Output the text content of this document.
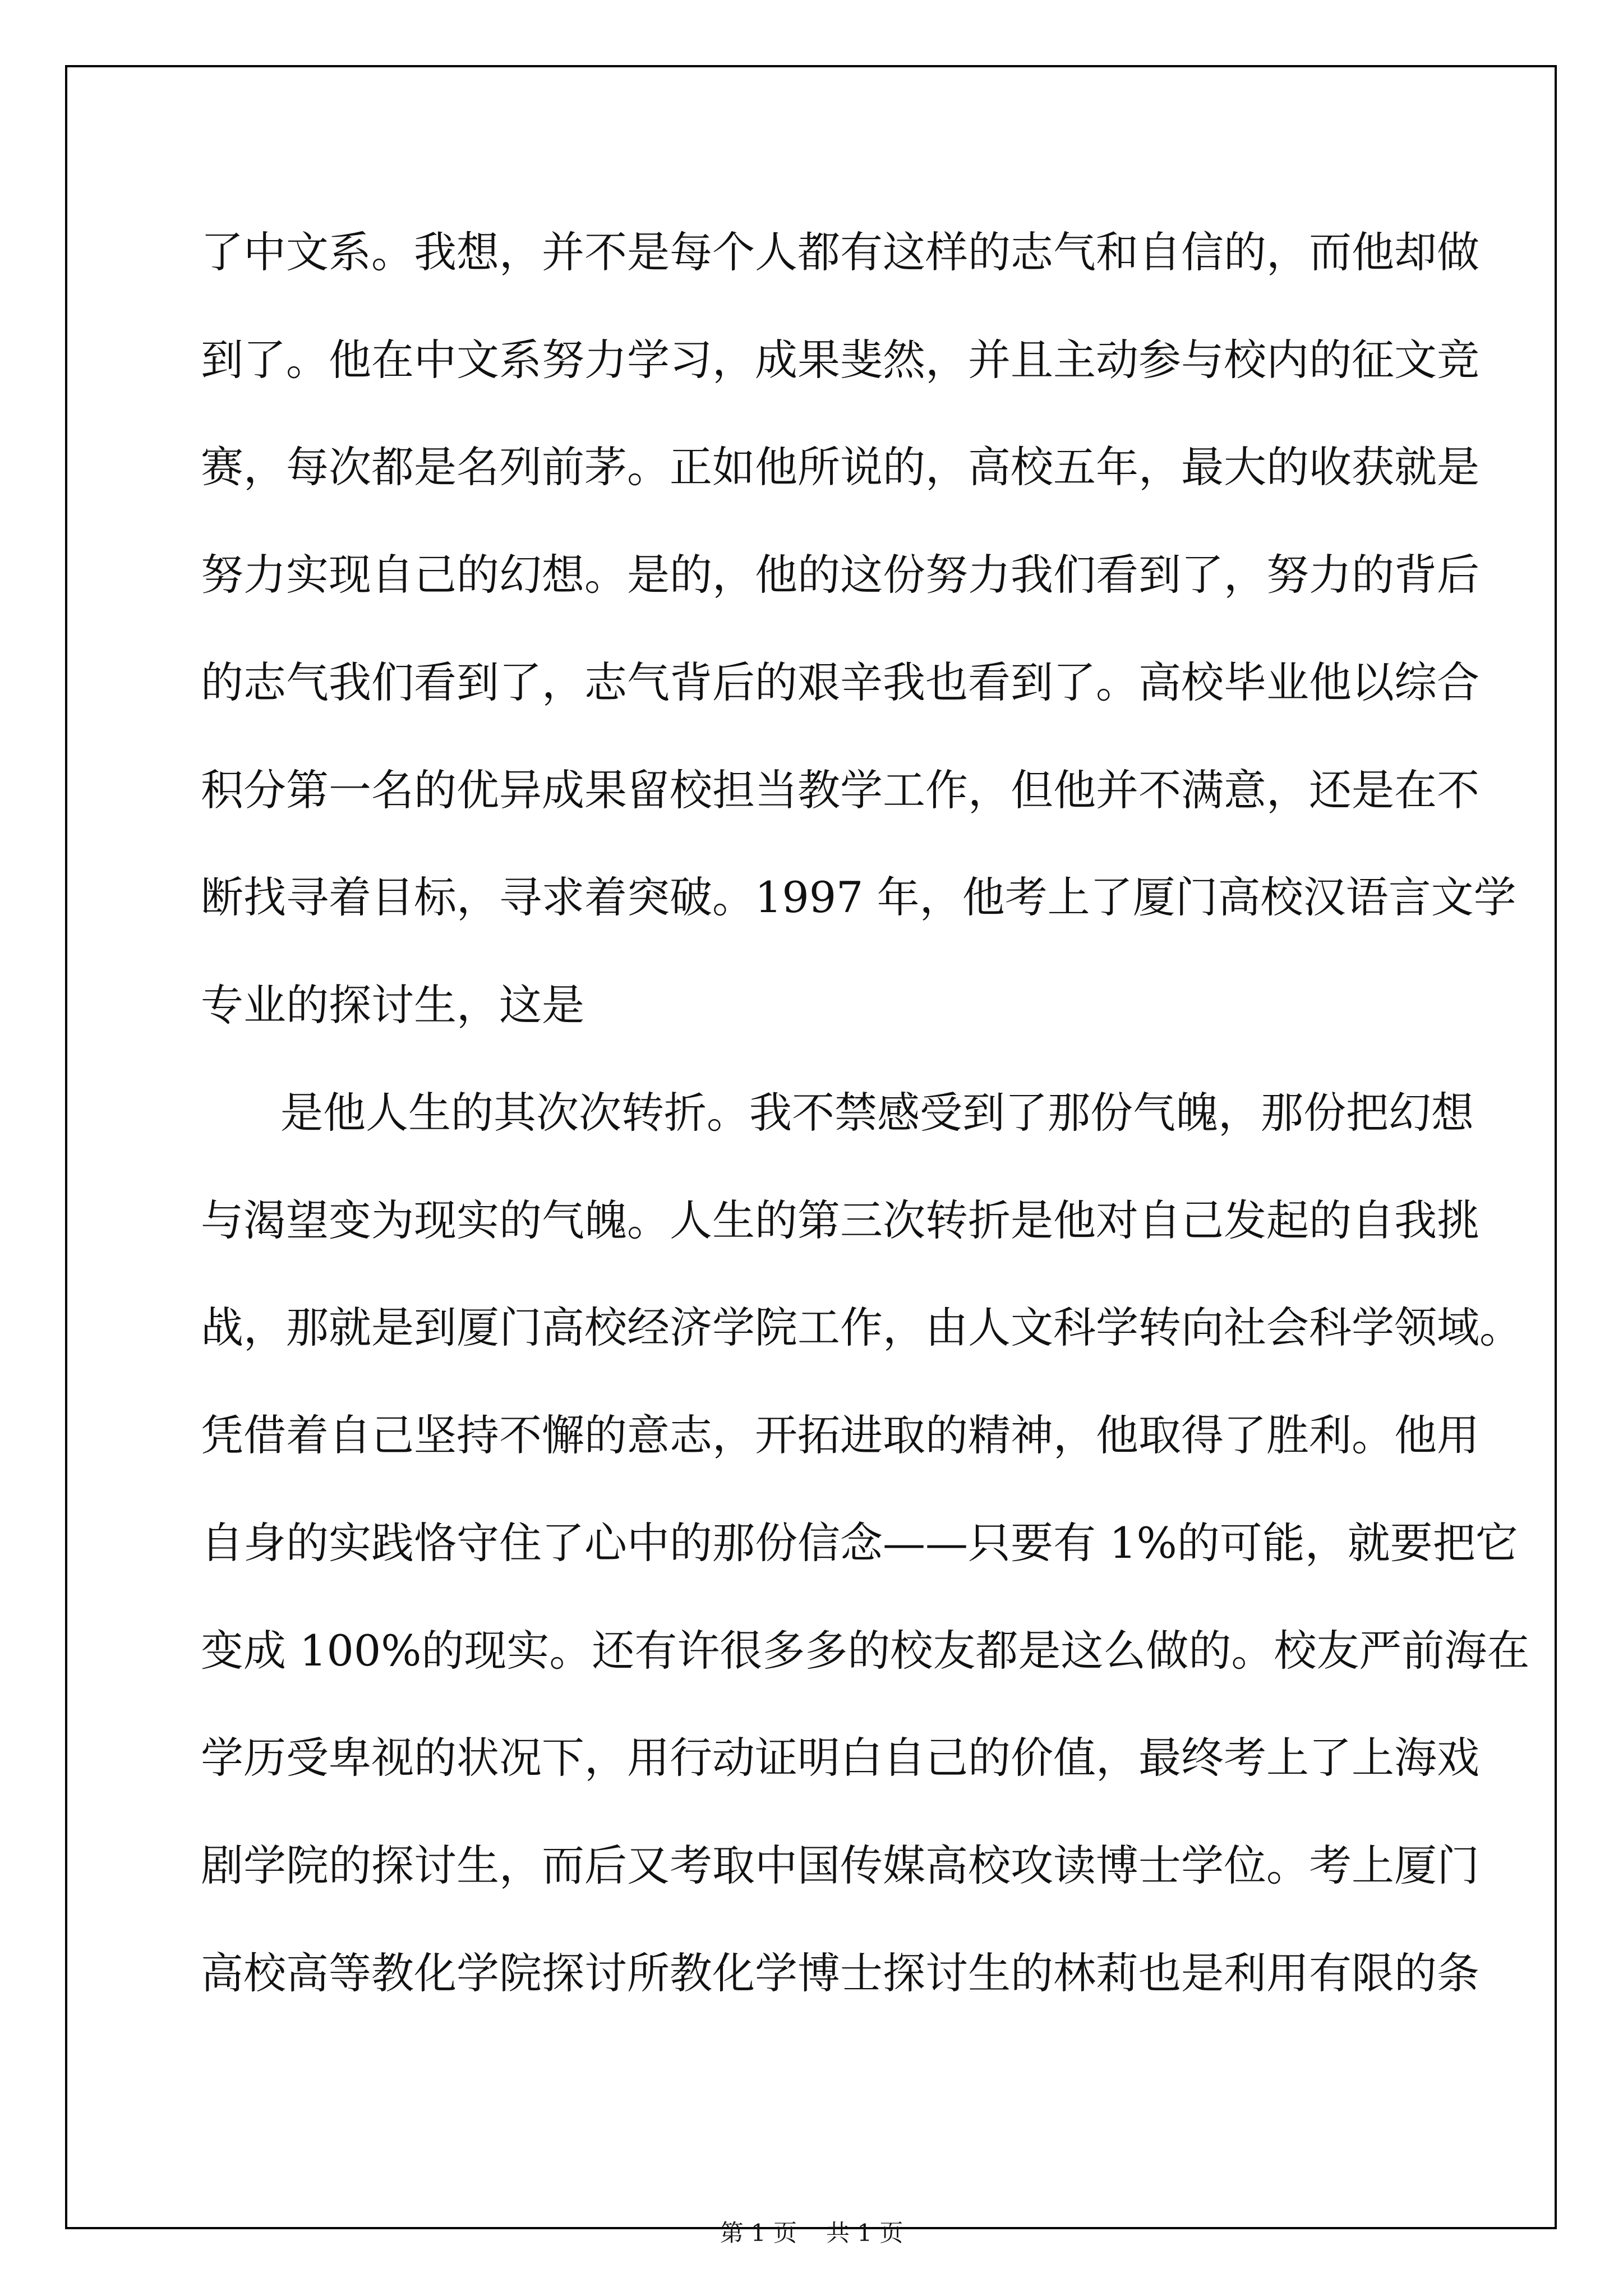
了中文系。我想，并不是每个人都有这样的志气和自信的，而他却做

到了。他在中文系努力学习，成果斐然，并且主动参与校内的征文竞

赛，每次都是名列前茅。正如他所说的，高校五年，最大的收获就是

努力实现自己的幻想。是的，他的这份努力我们看到了，努力的背后

的志气我们看到了，志气背后的艰辛我也看到了。高校毕业他以综合

积分第一名的优异成果留校担当教学工作，但他并不满意，还是在不

断找寻着目标，寻求着突破。1997 年，他考上了厦门高校汉语言文学

专业的探讨生，这是

是他人生的其次次转折。我不禁感受到了那份气魄，那份把幻想

与渴望变为现实的气魄。人生的第三次转折是他对自己发起的自我挑

战，那就是到厦门高校经济学院工作，由人文科学转向社会科学领域。

凭借着自己坚持不懈的意志，开拓进取的精神，他取得了胜利。他用

自身的实践恪守住了心中的那份信念——只要有 1%的可能，就要把它

变成 100%的现实。还有许很多多的校友都是这么做的。校友严前海在

学历受卑视的状况下，用行动证明白自己的价值，最终考上了上海戏

剧学院的探讨生，而后又考取中国传媒高校攻读博士学位。考上厦门

高校高等教化学院探讨所教化学博士探讨生的林莉也是利用有限的条

第 1 页 共 1 页
